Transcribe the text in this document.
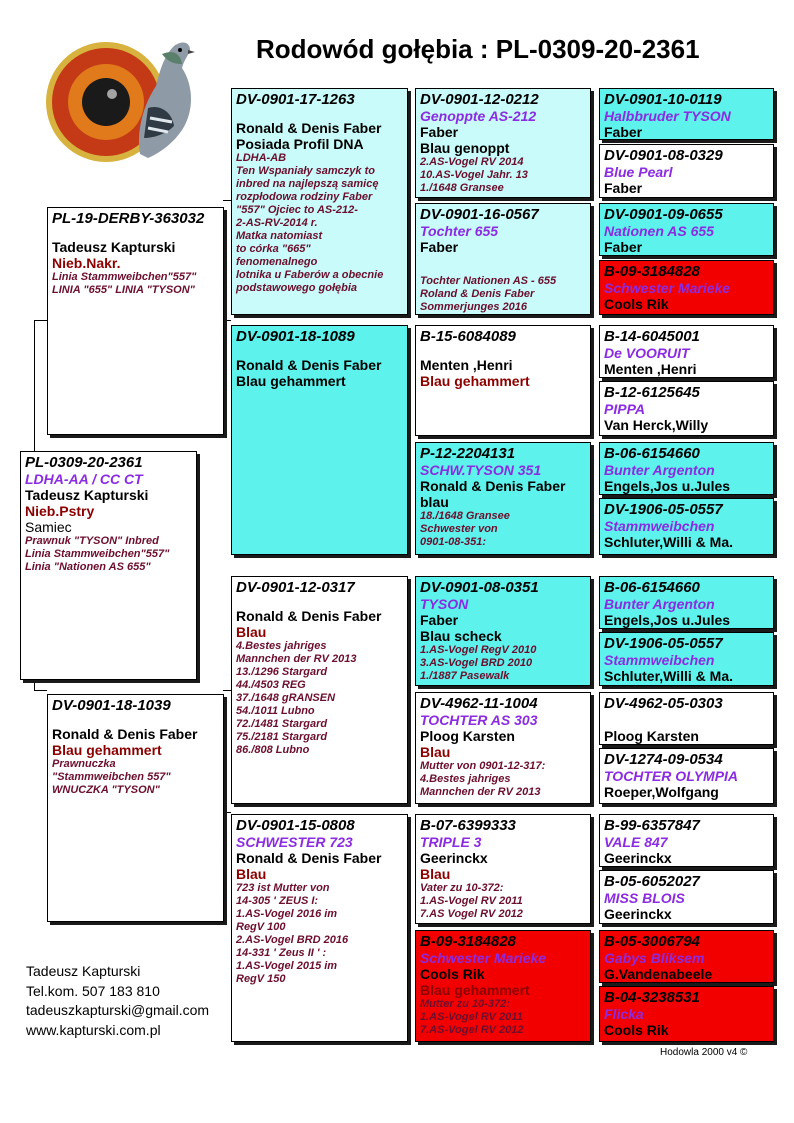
Rodowód gołębia : PL-0309-20-2361
PL-0309-20-2361
LDHA-AA / CC CT
Tadeusz Kapturski
Nieb.Pstry
Samiec
Prawnuk "TYSON" Inbred
Linia Stammweibchen"557"
Linia "Nationen AS 655"
PL-19-DERBY-363032
Tadeusz Kapturski
Nieb.Nakr.
Linia Stammweibchen"557"
LINIA "655" LINIA "TYSON"
DV-0901-18-1039
Ronald & Denis Faber
Blau gehammert
Prawnuczka
"Stammweibchen 557"
WNUCZKA "TYSON"
DV-0901-17-1263
Ronald & Denis Faber
Posiada Profil DNA
LDHA-AB
Ten Wspaniały samczyk to
inbred na najlepszą samicę
rozpłodowa rodziny Faber
"557" Ojciec to AS-212-
2-AS-RV-2014 r.
Matka natomiast
to córka "665"
fenomenalnego
lotnika u Faberów a obecnie
podstawowego gołębia
DV-0901-18-1089
Ronald & Denis Faber
Blau gehammert
DV-0901-12-0317
Ronald & Denis Faber
Blau
4.Bestes jahriges
Mannchen der RV 2013
13./1296 Stargard
44./4503 REG
37./1648 gRANSEN
54./1011 Lubno
72./1481 Stargard
75./2181 Stargard
86./808 Lubno
DV-0901-15-0808
SCHWESTER 723
Ronald & Denis Faber
Blau
723 ist Mutter von
14-305 ' ZEUS I:
1.AS-Vogel 2016 im
RegV 100
2.AS-Vogel BRD 2016
14-331 ' Zeus II ' :
1.AS-Vogel 2015 im
RegV 150
DV-0901-12-0212
Genoppte AS-212
Faber
Blau genoppt
2.AS-Vogel RV 2014
10.AS-Vogel Jahr. 13
1./1648 Gransee
DV-0901-16-0567
Tochter 655
Faber
Tochter Nationen AS - 655
Roland & Denis Faber
Sommerjunges 2016
B-15-6084089
Menten ,Henri
Blau gehammert
P-12-2204131
SCHW.TYSON 351
Ronald & Denis Faber
blau
18./1648 Gransee
Schwester von
0901-08-351:
DV-0901-08-0351
TYSON
Faber
Blau scheck
1.AS-Vogel RegV 2010
3.AS-Vogel BRD 2010
1./1887 Pasewalk
DV-4962-11-1004
TOCHTER AS 303
Ploog Karsten
Blau
Mutter von 0901-12-317:
4.Bestes jahriges
Mannchen der RV 2013
B-07-6399333
TRIPLE 3
Geerinckx
Blau
Vater zu 10-372:
1.AS-Vogel RV 2011
7.AS Vogel RV 2012
B-09-3184828
Schwester Marieke
Cools Rik
Blau gehammert
Mutter zu 10-372:
1.AS-Vogel RV 2011
7.AS-Vogel RV 2012
DV-0901-10-0119
Halbbruder TYSON
Faber
DV-0901-08-0329
Blue Pearl
Faber
DV-0901-09-0655
Nationen AS 655
Faber
B-09-3184828
Schwester Marieke
Cools Rik
B-14-6045001
De VOORUIT
Menten ,Henri
B-12-6125645
PIPPA
Van Herck,Willy
B-06-6154660
Bunter Argenton
Engels,Jos u.Jules
DV-1906-05-0557
Stammweibchen
Schluter,Willi & Ma.
B-06-6154660
Bunter Argenton
Engels,Jos u.Jules
DV-1906-05-0557
Stammweibchen
Schluter,Willi & Ma.
DV-4962-05-0303
Ploog Karsten
DV-1274-09-0534
TOCHTER OLYMPIA
Roeper,Wolfgang
B-99-6357847
VALE 847
Geerinckx
B-05-6052027
MISS BLOIS
Geerinckx
B-05-3006794
Gabys Bliksem
G.Vandenabeele
B-04-3238531
Flicka
Cools Rik
Tadeusz Kapturski
Tel.kom. 507 183 810
tadeuszkapturski@gmail.com
www.kapturski.com.pl
Hodowla 2000 v4 ©
